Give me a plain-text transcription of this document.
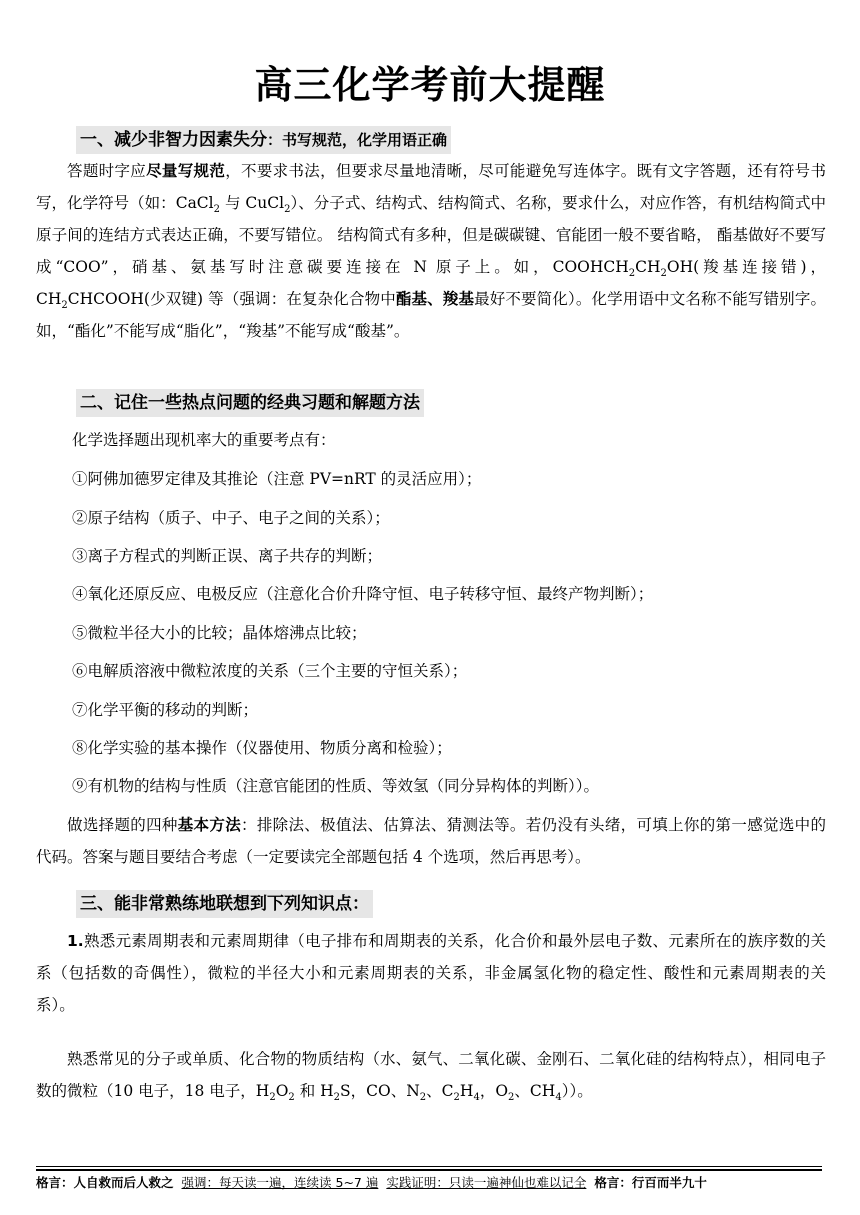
高三化学考前大提醒
一、减少非智力因素失分：书写规范，化学用语正确
答题时字应尽量写规范，不要求书法，但要求尽量地清晰，尽可能避免写连体字。既有文字答题，还有符号书写，化学符号（如：CaCl$_2$ 与 CuCl$_2$）、分子式、结构式、结构简式、名称，要求什么，对应作答，有机结构简式中原子间的连结方式表达正确，不要写错位。 结构简式有多种，但是碳碳键、官能团一般不要省略， 酯基做好不要写成“COO”，硝基、氨基写时注意碳要连接在 N 原子上。如，$COOHCH_2CH_2OH$(羧基连接错)，$CH_2CHCOOH$(少双键) 等（强调：在复杂化合物中酯基、羧基最好不要简化）。化学用语中文名称不能写错别字。如，“酯化”不能写成“脂化”，“羧基”不能写成“酸基”。
二、记住一些热点问题的经典习题和解题方法
化学选择题出现机率大的重要考点有：
①阿佛加德罗定律及其推论（注意 PV=nRT 的灵活应用）；
②原子结构（质子、中子、电子之间的关系）；
③离子方程式的判断正误、离子共存的判断；
④氧化还原反应、电极反应（注意化合价升降守恒、电子转移守恒、最终产物判断）；
⑤微粒半径大小的比较；晶体熔沸点比较；
⑥电解质溶液中微粒浓度的关系（三个主要的守恒关系）；
⑦化学平衡的移动的判断；
⑧化学实验的基本操作（仪器使用、物质分离和检验）；
⑨有机物的结构与性质（注意官能团的性质、等效氢（同分异构体的判断））。
做选择题的四种基本方法：排除法、极值法、估算法、猜测法等。若仍没有头绪，可填上你的第一感觉选中的代码。答案与题目要结合考虑（一定要读完全部题包括 4 个选项，然后再思考）。
三、能非常熟练地联想到下列知识点：
1.熟悉元素周期表和元素周期律（电子排布和周期表的关系，化合价和最外层电子数、元素所在的族序数的关系（包括数的奇偶性），微粒的半径大小和元素周期表的关系，非金属氢化物的稳定性、酸性和元素周期表的关系）。
熟悉常见的分子或单质、化合物的物质结构（水、氨气、二氧化碳、金刚石、二氧化硅的结构特点），相同电子数的微粒（10 电子，18 电子，$H_2O_2$ 和 $H_2S$，CO、$N_2$、$C_2H_4$，$O_2$、$CH_4$））。
格言：人自救而后人救之 强调：每天读一遍，连续读 5~7 遍 实践证明：只读一遍神仙也难以记全 格言：行百而半九十
